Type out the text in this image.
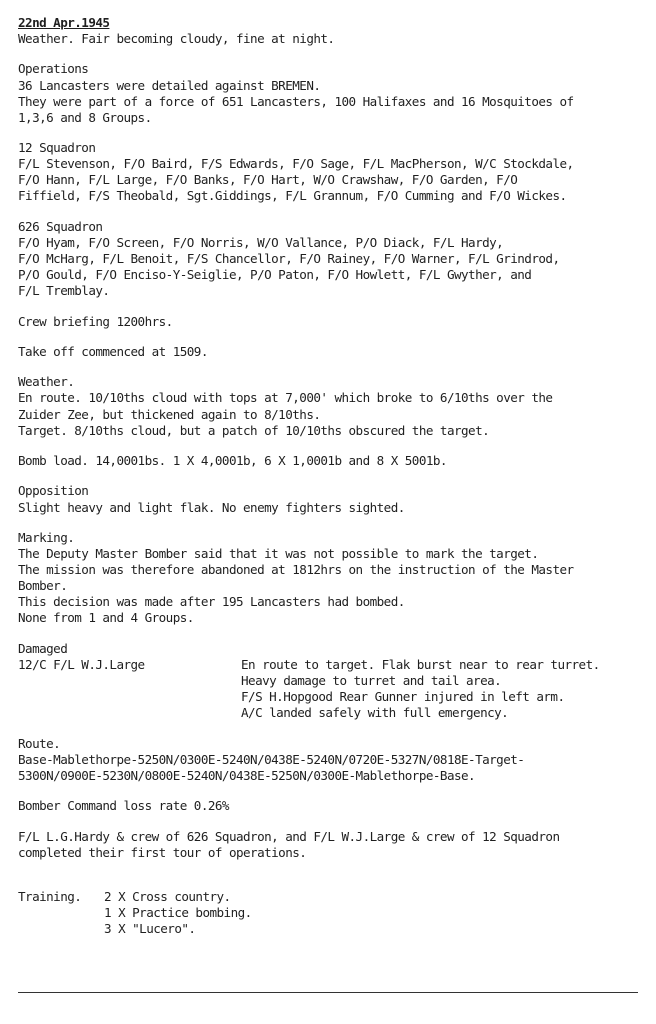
22nd Apr.1945
Weather. Fair becoming cloudy, fine at night.
Operations
36 Lancasters were detailed against BREMEN.
They were part of a force of 651 Lancasters, 100 Halifaxes and 16 Mosquitoes of
1,3,6 and 8 Groups.
12 Squadron
F/L Stevenson, F/O Baird, F/S Edwards, F/O Sage, F/L MacPherson, W/C Stockdale,
F/O Hann, F/L Large, F/O Banks, F/O Hart, W/O Crawshaw, F/O Garden, F/O
Fiffield, F/S Theobald, Sgt.Giddings, F/L Grannum, F/O Cumming and F/O Wickes.
626 Squadron
F/O Hyam, F/O Screen, F/O Norris, W/O Vallance, P/O Diack, F/L Hardy,
F/O McHarg, F/L Benoit, F/S Chancellor, F/O Rainey, F/O Warner, F/L Grindrod,
P/O Gould, F/O Enciso-Y-Seiglie, P/O Paton, F/O Howlett, F/L Gwyther, and
F/L Tremblay.
Crew briefing 1200hrs.
Take off commenced at 1509.
Weather.
En route. 10/10ths cloud with tops at 7,000' which broke to 6/10ths over the
Zuider Zee, but thickened again to 8/10ths.
Target. 8/10ths cloud, but a patch of 10/10ths obscured the target.
Bomb load. 14,0001bs. 1 X 4,0001b, 6 X 1,0001b and 8 X 5001b.
Opposition
Slight heavy and light flak. No enemy fighters sighted.
Marking.
The Deputy Master Bomber said that it was not possible to mark the target.
The mission was therefore abandoned at 1812hrs on the instruction of the Master
Bomber.
This decision was made after 195 Lancasters had bombed.
None from 1 and 4 Groups.
Damaged
12/C F/L W.J.Large	En route to target. Flak burst near to rear turret.
Heavy damage to turret and tail area.
F/S H.Hopgood Rear Gunner injured in left arm.
A/C landed safely with full emergency.
Route.
Base-Mablethorpe-5250N/0300E-5240N/0438E-5240N/0720E-5327N/0818E-Target-
5300N/0900E-5230N/0800E-5240N/0438E-5250N/0300E-Mablethorpe-Base.
Bomber Command loss rate 0.26%
F/L L.G.Hardy & crew of 626 Squadron, and F/L W.J.Large & crew of 12 Squadron
completed their first tour of operations.
Training.	2 X Cross country.
1 X Practice bombing.
3 X "Lucero".
